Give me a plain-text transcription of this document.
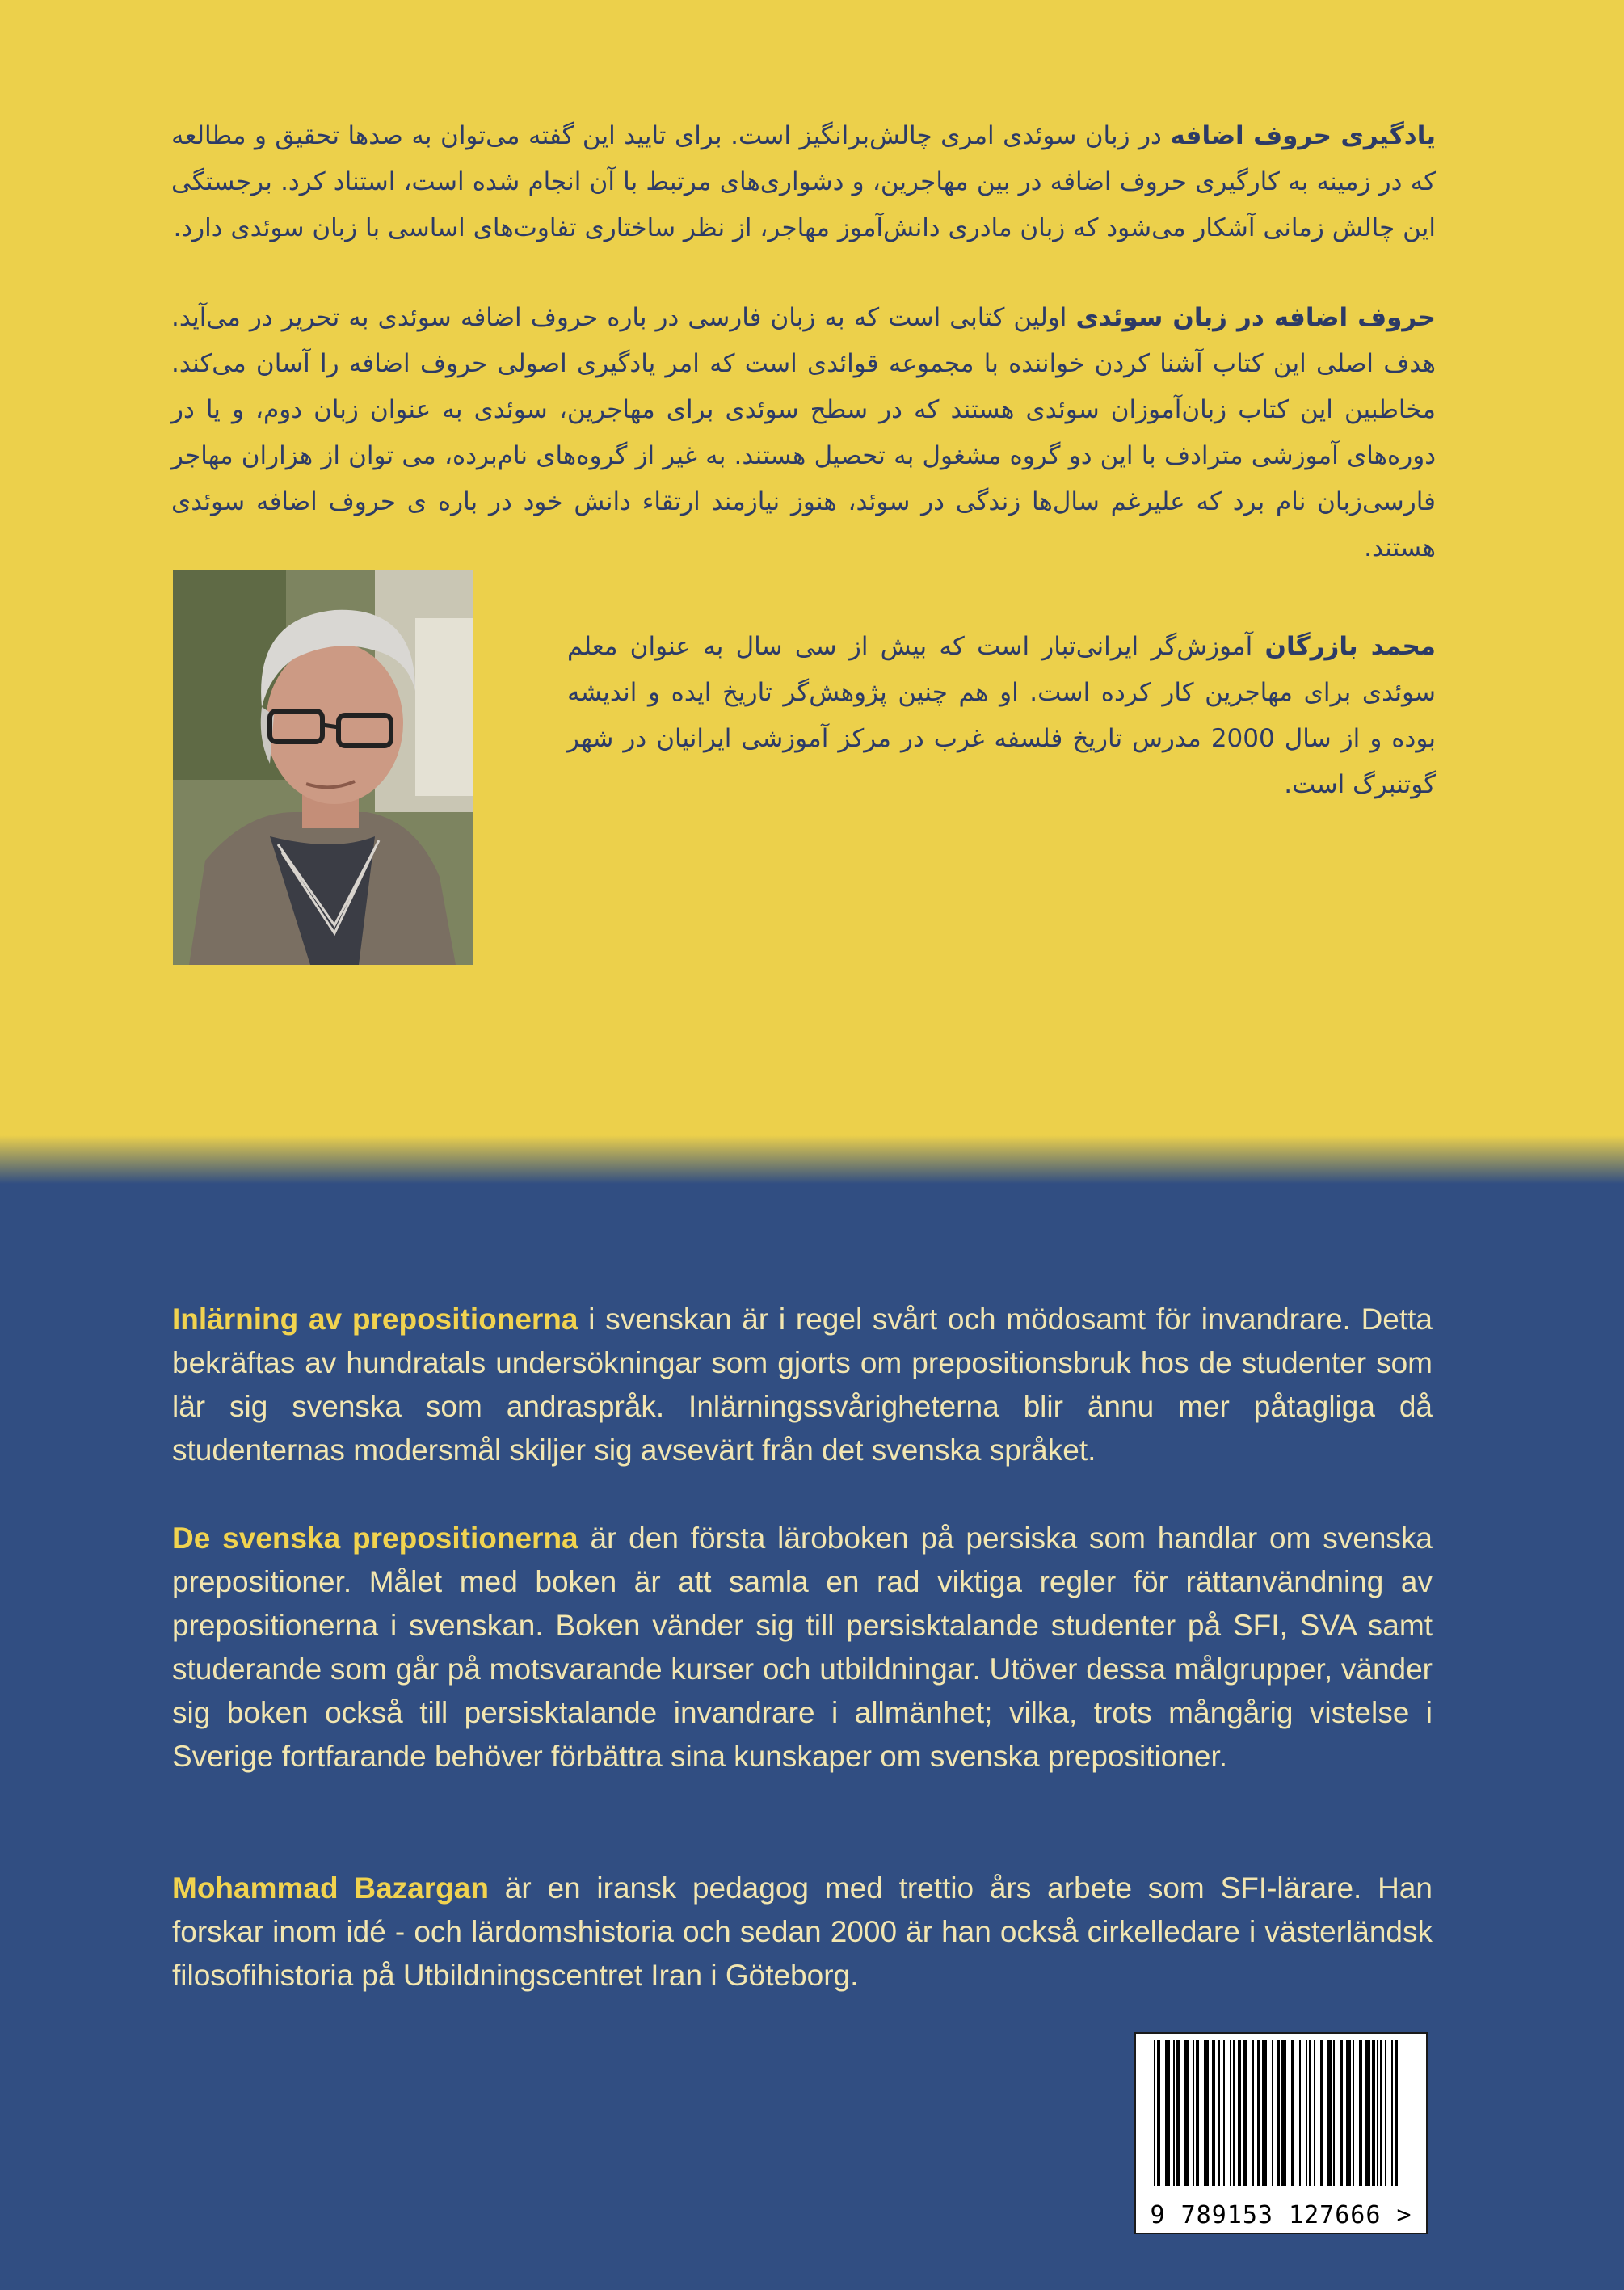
یادگیری حروف اضافه در زبان سوئدی امری چالش‌برانگیز است. برای تایید این گفته می‌توان به صدها تحقیق و مطالعه که در زمینه به کارگیری حروف اضافه در بین مهاجرین، و دشواری‌های مرتبط با آن انجام شده است، استناد کرد. برجستگی این چالش زمانی آشکار می‌شود که زبان مادری دانش‌آموز مهاجر، از نظر ساختاری تفاوت‌های اساسی با زبان سوئدی دارد.
حروف اضافه در زبان سوئدی اولین کتابی است که به زبان فارسی در باره حروف اضافه سوئدی به تحریر در می‌آید. هدف اصلی این کتاب آشنا کردن خواننده با مجموعه قوائدی است که امر یادگیری اصولی حروف اضافه را آسان می‌کند. مخاطبین این کتاب زبان‌آموزان سوئدی هستند که در سطح سوئدی برای مهاجرین، سوئدی به عنوان زبان دوم، و یا در دوره‌های آموزشی مترادف با این دو گروه مشغول به تحصیل هستند. به غیر از گروه‌های نام‌برده، می توان از هزاران مهاجر فارسی‌زبان نام برد که علیرغم سال‌ها زندگی در سوئد، هنوز نیازمند ارتقاء دانش خود در باره ی حروف اضافه سوئدی هستند.
محمد بازرگان آموزش‌گر ایرانی‌تبار است که بیش از سی سال به عنوان معلم سوئدی برای مهاجرین کار کرده است. او هم چنین پژوهش‌گر تاریخ ایده و اندیشه بوده و از سال 2000 مدرس تاریخ فلسفه غرب در مرکز آموزشی ایرانیان در شهر گوتنبرگ است.
Inlärning av prepositionerna i svenskan är i regel svårt och mödosamt för invandrare. Detta bekräftas av hundratals undersökningar som gjorts om prepositionsbruk hos de studenter som lär sig svenska som andraspråk. Inlärningssvårigheterna blir ännu mer påtagliga då studenternas modersmål skiljer sig avsevärt från det svenska språket.
De svenska prepositionerna är den första läroboken på persiska som handlar om svenska prepositioner. Målet med boken är att samla en rad viktiga regler för rättanvändning av prepositionerna i svenskan. Boken vänder sig till persisktalande studenter på SFI, SVA samt studerande som går på motsvarande kurser och utbildningar. Utöver dessa målgrupper, vänder sig boken också till persisktalande invandrare i allmänhet; vilka, trots mångårig vistelse i Sverige fortfarande behöver förbättra sina kunskaper om svenska prepositioner.
Mohammad Bazargan är en iransk pedagog med trettio års arbete som SFI-lärare. Han forskar inom idé - och lärdomshistoria och sedan 2000 är han också cirkelledare i västerländsk filosofihistoria på Utbildningscentret Iran i Göteborg.
9 789153 127666 >
